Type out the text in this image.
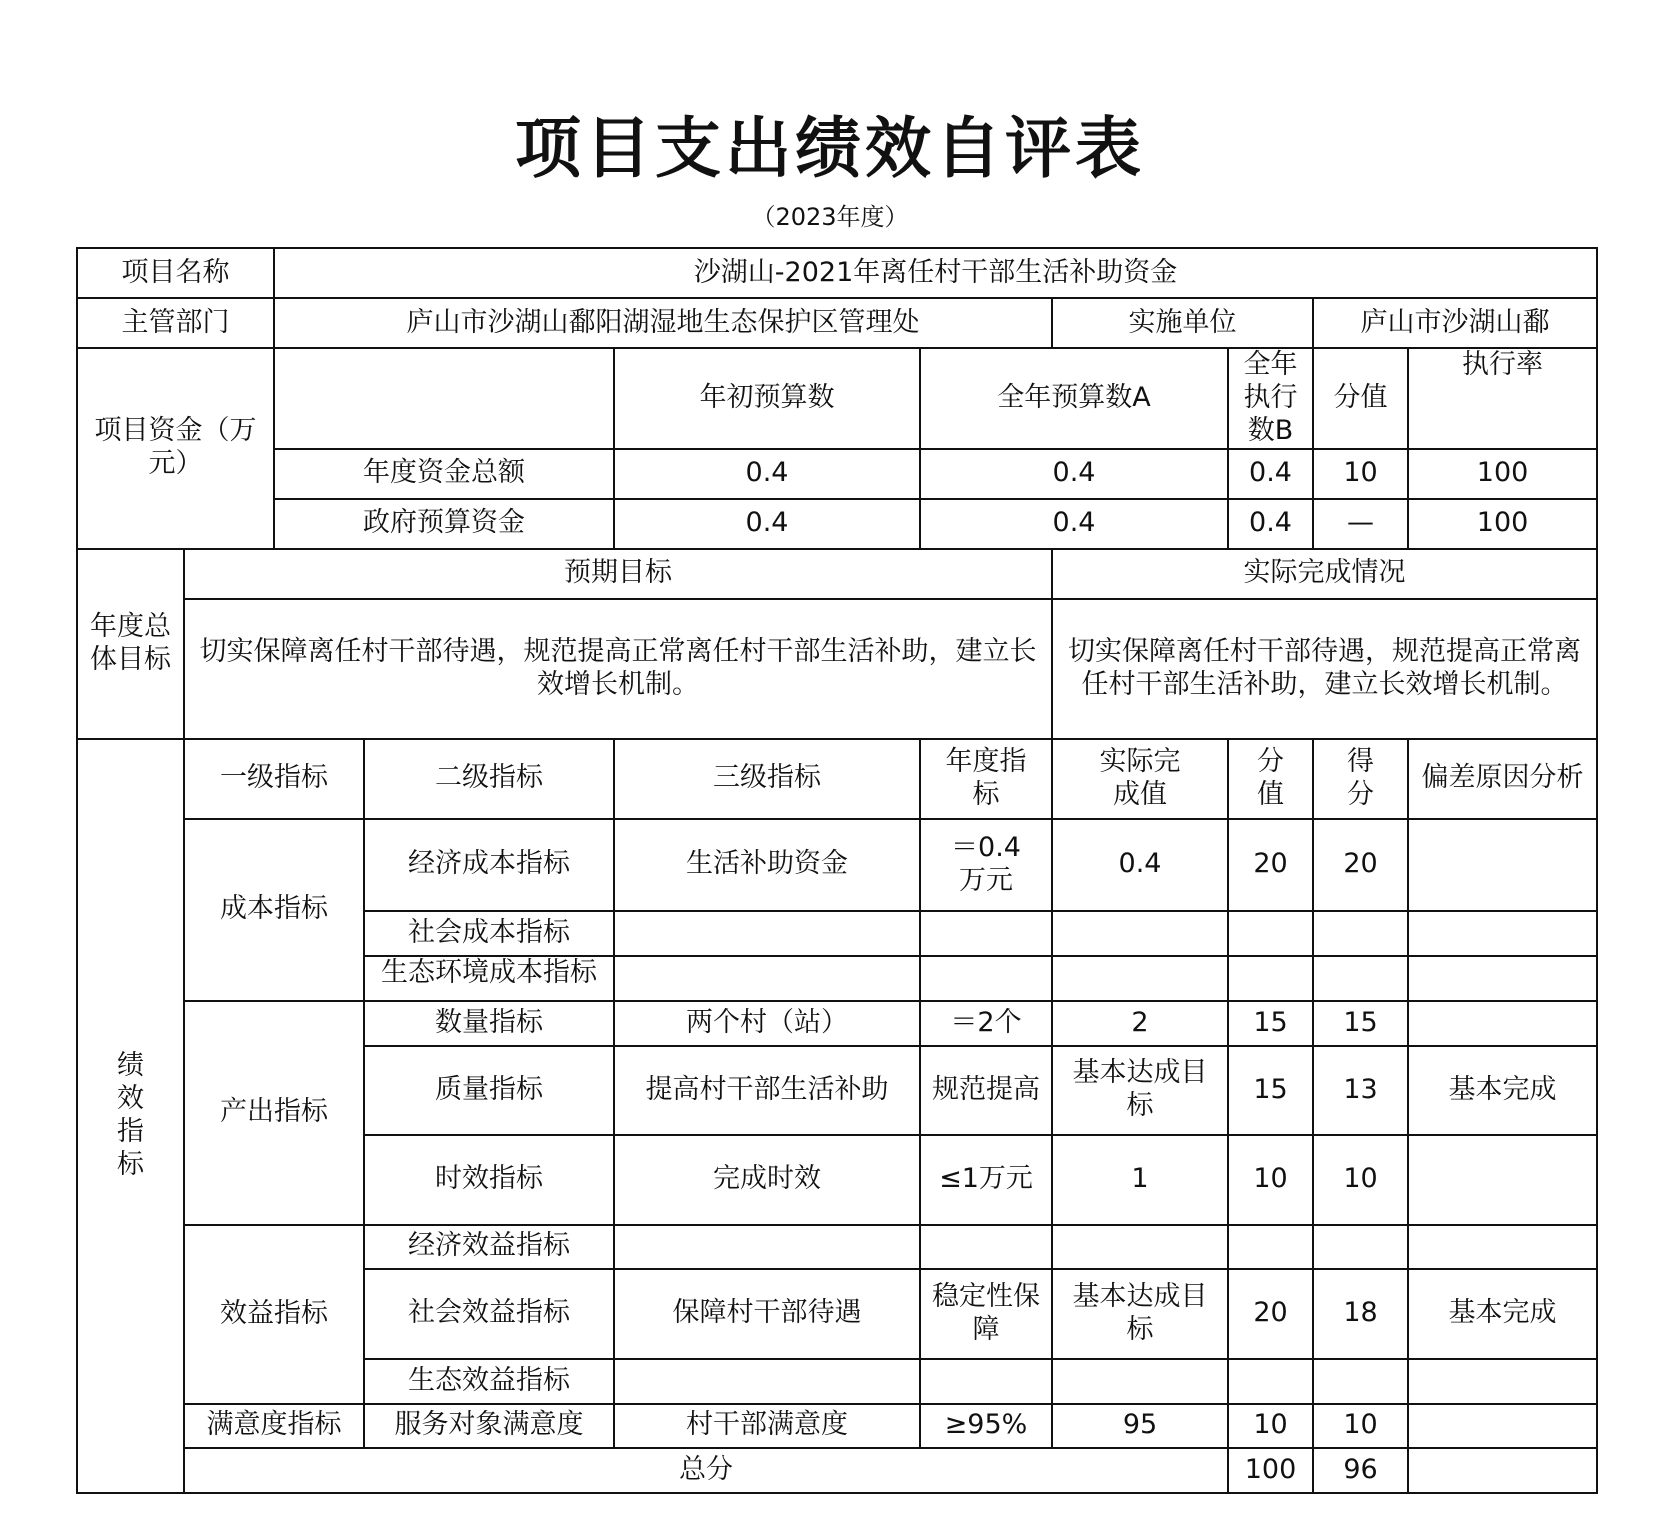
项目支出绩效自评表
（2023年度）
项目名称		沙湖山-2021年离任村干部生活补助资金							
主管部门		庐山市沙湖山鄱阳湖湿地生态保护区管理处				实施单位		庐山市沙湖山鄱	
项目资金（万元）				年初预算数	全年预算数A		全年执行数B	分值	执行率
		年度资金总额		0.4	0.4		0.4	10	100
		政府预算资金		0.4	0.4		0.4	—	100
年度总体目标	预期目标					实际完成情况			
	切实保障离任村干部待遇，规范提高正常离任村干部生活补助，建立长效增长机制。					切实保障离任村干部待遇，规范提高正常离任村干部生活补助，建立长效增长机制。			
绩效指标	一级指标		二级指标	三级指标	年度指标	实际完成值	分值	得分	偏差原因分析
	成本指标		经济成本指标	生活补助资金	＝0.4万元	0.4	20	20	
			社会成本指标						
			生态环境成本指标						
	产出指标		数量指标	两个村（站）	＝2个	2	15	15	
			质量指标	提高村干部生活补助	规范提高	基本达成目标	15	13	基本完成
			时效指标	完成时效	≤1万元	1	10	10	
	效益指标		经济效益指标						
			社会效益指标	保障村干部待遇	稳定性保障	基本达成目标	20	18	基本完成
			生态效益指标						
	满意度指标		服务对象满意度	村干部满意度	≥95%	95	10	10	
	总分						100	96	
